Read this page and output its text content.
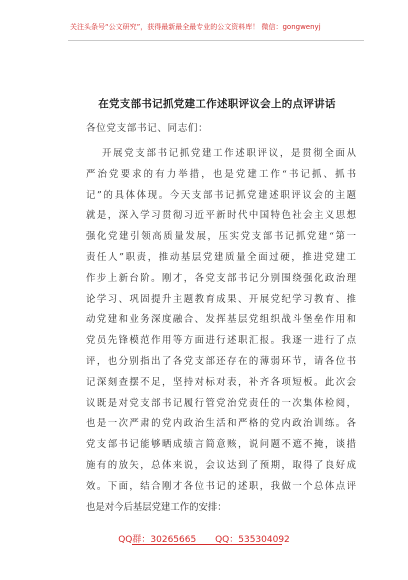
关注头条号“公文研究”，获得最新最全最专业的公文资料库！ 微信：gongwenyj
在党支部书记抓党建工作述职评议会上的点评讲话
各位党支部书记、同志们：
开展党支部书记抓党建工作述职评议，是贯彻全面从
严治党要求的有力举措，也是党建工作“书记抓、抓书
记”的具体体现。今天支部书记抓党建述职评议会的主题
就是，深入学习贯彻习近平新时代中国特色社会主义思想
强化党建引领高质量发展，压实党支部书记抓党建“第一
责任人”职责，推动基层党建质量全面过硬，推进党建工
作步上新台阶。刚才，各党支部书记分别围绕强化政治理
论学习、巩固提升主题教育成果、开展党纪学习教育、推
动党建和业务深度融合、发挥基层党组织战斗堡垒作用和
党员先锋模范作用等方面进行述职汇报。我逐一进行了点
评，也分别指出了各党支部还存在的薄弱环节，请各位书
记深刻查摆不足，坚持对标对表，补齐各项短板。此次会
议既是对党支部书记履行管党治党责任的一次集体检阅，
也是一次严肃的党内政治生活和严格的党内政治训练。各
党支部书记能够晒成绩言简意赅，说问题不遮不掩，谈措
施有的放矢，总体来说，会议达到了预期，取得了良好成
效。下面，结合刚才各位书记的述职，我做一个总体点评
也是对今后基层党建工作的安排：
QQ群：30265665 QQ：535304092
